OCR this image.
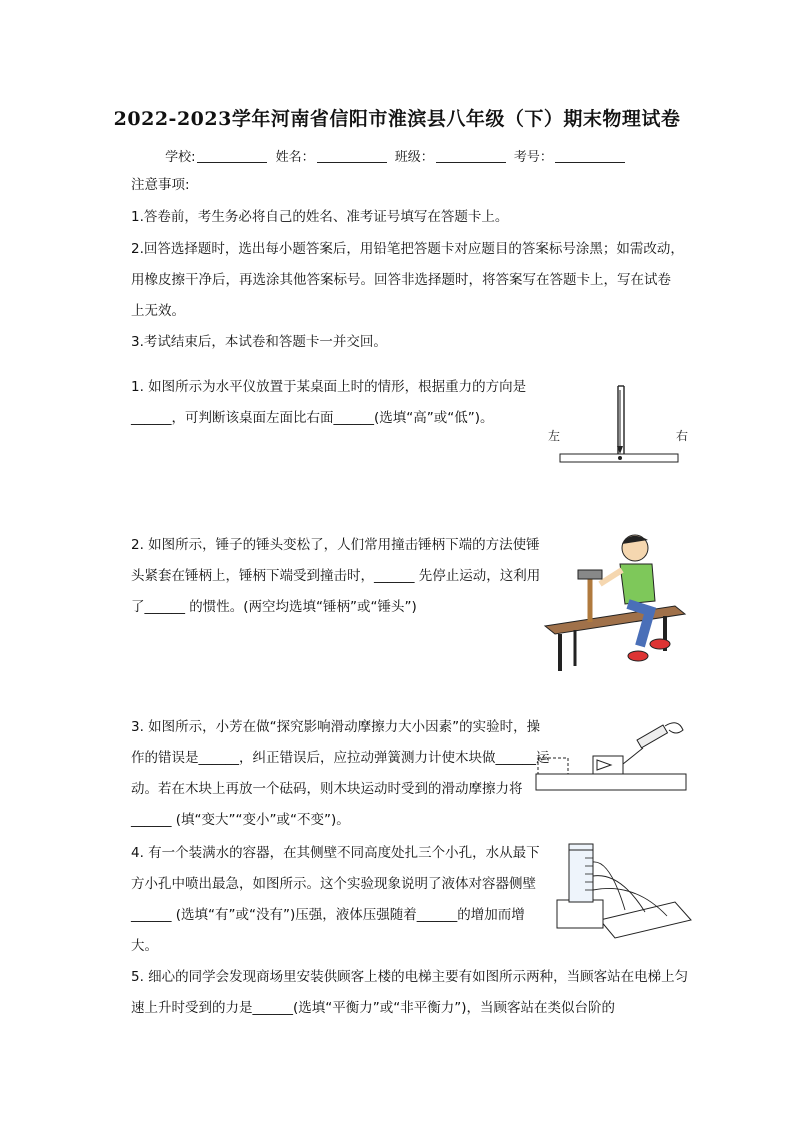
2022-2023学年河南省信阳市淮滨县八年级（下）期末物理试卷
学校:	姓名：	班级：	考号：
注意事项:
1.答卷前，考生务必将自己的姓名、准考证号填写在答题卡上。
2.回答选择题时，选出每小题答案后，用铅笔把答题卡对应题目的答案标号涂黑；如需改动，
用橡皮擦干净后，再选涂其他答案标号。回答非选择题时，将答案写在答题卡上，写在试卷
上无效。
3.考试结束后，本试卷和答题卡一并交回。
1. 如图所示为水平仪放置于某桌面上时的情形，根据重力的方向是______，可判断该桌面左面比右面______(选填“高”或“低”)。
左	右
2. 如图所示，锤子的锤头变松了，人们常用撞击锤柄下端的方法使锤头紧套在锤柄上，锤柄下端受到撞击时，______ 先停止运动，这利用了______ 的惯性。(两空均选填“锤柄”或“锤头”)
3. 如图所示，小芳在做“探究影响滑动摩擦力大小因素”的实验时，操作的错误是______，纠正错误后，应拉动弹簧测力计使木块做______运动。若在木块上再放一个砝码，则木块运动时受到的滑动摩擦力将______ (填“变大”“变小”或“不变”)。
4. 有一个装满水的容器，在其侧壁不同高度处扎三个小孔，水从最下方小孔中喷出最急，如图所示。这个实验现象说明了液体对容器侧壁______ (选填“有”或“没有”)压强，液体压强随着______的增加而增大。
5. 细心的同学会发现商场里安装供顾客上楼的电梯主要有如图所示两种，当顾客站在电梯上匀速上升时受到的力是______(选填“平衡力”或“非平衡力”)，当顾客站在类似台阶的
